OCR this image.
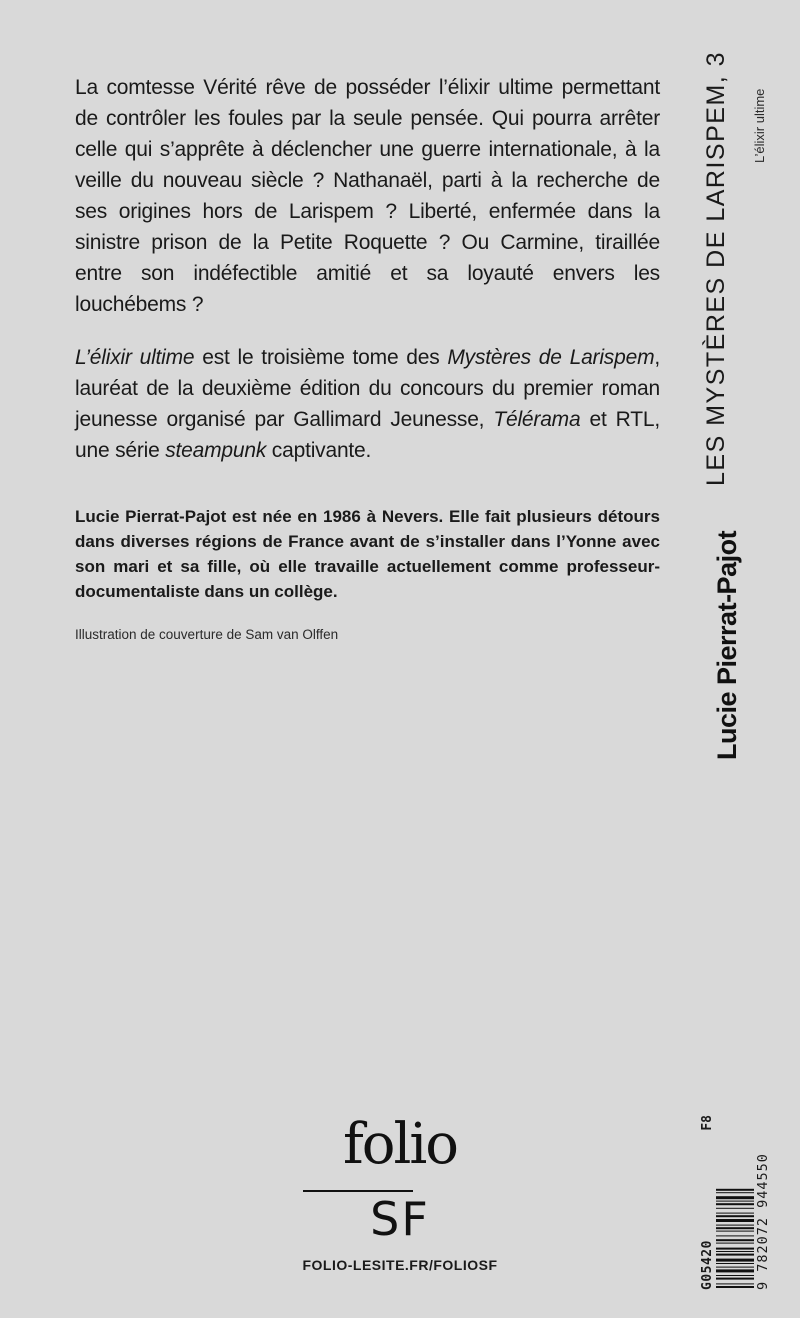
La comtesse Vérité rêve de posséder l’élixir ultime permettant de contrôler les foules par la seule pensée. Qui pourra arrêter celle qui s’apprête à déclencher une guerre internationale, à la veille du nouveau siècle ? Nathanaël, parti à la recherche de ses origines hors de Larispem ? Liberté, enfermée dans la sinistre prison de la Petite Roquette ? Ou Carmine, tiraillée entre son indéfectible amitié et sa loyauté envers les louchébems ?

L’élixir ultime est le troisième tome des Mystères de Larispem, lauréat de la deuxième édition du concours du premier roman jeunesse organisé par Gallimard Jeunesse, Télérama et RTL, une série steampunk captivante.

Lucie Pierrat-Pajot est née en 1986 à Nevers. Elle fait plusieurs détours dans diverses régions de France avant de s’installer dans l’Yonne avec son mari et sa fille, où elle travaille actuellement comme professeur-documentaliste dans un collège.
Illustration de couverture de Sam van Olffen
LES MYSTÈRES DE LARISPEM, 3 L’élixir ultime
Lucie Pierrat-Pajot
folio
SF
FOLIO-LESITE.FR/FOLIOSF	G05420
F8
9 782072 944550
